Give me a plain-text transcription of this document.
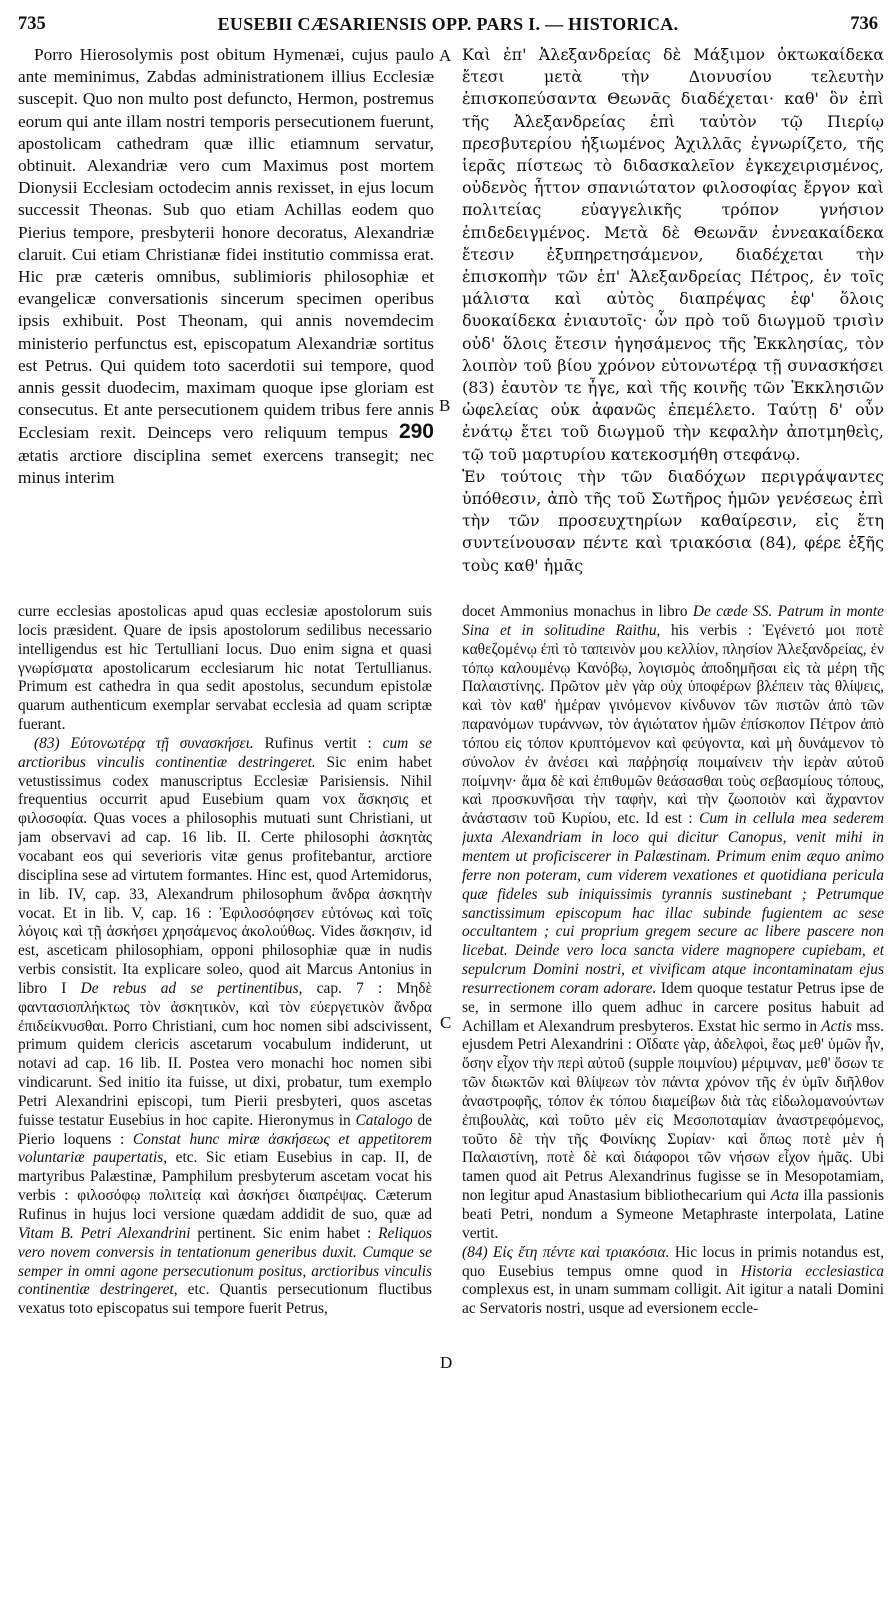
735	EUSEBII CÆSARIENSIS OPP. PARS I. — HISTORICA.	736
A
B
C
D

Porro Hierosolymis post obitum Hymenæi, cujus paulo ante meminimus, Zabdas administrationem illius Ecclesiæ suscepit. Quo non multo post defuncto, Hermon, postremus eorum qui ante illam nostri temporis persecutionem fuerunt, apostolicam cathedram quæ illic etiamnum servatur, obtinuit. Alexandriæ vero cum Maximus post mortem Dionysii Ecclesiam octodecim annis rexisset, in ejus locum successit Theonas. Sub quo etiam Achillas eodem quo Pierius tempore, presbyterii honore decoratus, Alexandriæ claruit. Cui etiam Christianæ fidei institutio commissa erat. Hic præ cæteris omnibus, sublimioris philosophiæ et evangelicæ conversationis sincerum specimen operibus ipsis exhibuit. Post Theonam, qui annis novemdecim ministerio perfunctus est, episcopatum Alexandriæ sortitus est Petrus. Qui quidem toto sacerdotii sui tempore, quod annis gessit duodecim, maximam quoque ipse gloriam est consecutus. Et ante persecutionem quidem tribus fere annis Ecclesiam rexit. Deinceps vero reliquum tempus 290 ætatis arctiore disciplina semet exercens transegit; nec minus interim

Καὶ ἐπ' Ἀλεξανδρείας δὲ Μάξιμον ὀκτωκαίδεκα ἔτεσι μετὰ τὴν Διονυσίου τελευτὴν ἐπισκοπεύσαντα Θεωνᾶς διαδέχεται· καθ' ὃν ἐπὶ τῆς Ἀλεξανδρείας ἐπὶ ταὐτὸν τῷ Πιερίῳ πρεσβυτερίου ἠξιωμένος Ἀχιλλᾶς ἐγνωρίζετο, τῆς ἱερᾶς πίστεως τὸ διδασκαλεῖον ἐγκεχειρισμένος, οὐδενὸς ἧττον σπανιώτατον φιλοσοφίας ἔργον καὶ πολιτείας εὐαγγελικῆς τρόπον γνήσιον ἐπιδεδειγμένος. Μετὰ δὲ Θεωνᾶν ἐννεακαίδεκα ἔτεσιν ἐξυπηρετησάμενον, διαδέχεται τὴν ἐπισκοπὴν τῶν ἐπ' Ἀλεξανδρείας Πέτρος, ἐν τοῖς μάλιστα καὶ αὐτὸς διαπρέψας ἐφ' ὅλοις δυοκαίδεκα ἐνιαυτοῖς· ὧν πρὸ τοῦ διωγμοῦ τρισὶν οὐδ' ὅλοις ἔτεσιν ἡγησάμενος τῆς Ἐκκλησίας, τὸν λοιπὸν τοῦ βίου χρόνον εὐτονωτέρᾳ τῇ συνασκήσει (83) ἑαυτὸν τε ἦγε, καὶ τῆς κοινῆς τῶν Ἐκκλησιῶν ὠφελείας οὐκ ἀφανῶς ἐπεμέλετο. Ταύτῃ δ' οὖν ἐνάτῳ ἔτει τοῦ διωγμοῦ τὴν κεφαλὴν ἀποτμηθεὶς, τῷ τοῦ μαρτυρίου κατεκοσμήθη στεφάνῳ.

Ἐν τούτοις τὴν τῶν διαδόχων περιγράψαντες ὑπόθεσιν, ἀπὸ τῆς τοῦ Σωτῆρος ἡμῶν γενέσεως ἐπὶ τὴν τῶν προσευχτηρίων καθαίρεσιν, εἰς ἔτη συντείνουσαν πέντε καὶ τριακόσια (84), φέρε ἑξῆς τοὺς καθ' ἡμᾶς

curre ecclesias apostolicas apud quas ecclesiæ apostolorum suis locis præsident. Quare de ipsis apostolorum sedilibus necessario intelligendus est hic Tertulliani locus. Duo enim signa et quasi γνωρίσματα apostolicarum ecclesiarum hic notat Tertullianus. Primum est cathedra in qua sedit apostolus, secundum epistolæ quarum authenticum exemplar servabat ecclesia ad quam scriptæ fuerant.

(83) Εὐτονωτέρᾳ τῇ συνασκήσει. Rufinus vertit : cum se arctioribus vinculis continentiæ destringeret. Sic enim habet vetustissimus codex manuscriptus Ecclesiæ Parisiensis. Nihil frequentius occurrit apud Eusebium quam vox ἄσκησις et φιλοσοφία. Quas voces a philosophis mutuati sunt Christiani, ut jam observavi ad cap. 16 lib. II. Certe philosophi ἀσκητὰς vocabant eos qui severioris vitæ genus profitebantur, arctiore disciplina sese ad virtutem formantes. Hinc est, quod Artemidorus, in lib. IV, cap. 33, Alexandrum philosophum ἄνδρα ἀσκητὴν vocat. Et in lib. V, cap. 16 : Ἐφιλοσόφησεν εὐτόνως καὶ τοῖς λόγοις καὶ τῇ ἀσκήσει χρησάμενος ἀκολούθως. Vides ἄσκησιν, id est, asceticam philosophiam, opponi philosophiæ quæ in nudis verbis consistit. Ita explicare soleo, quod ait Marcus Antonius in libro I De rebus ad se pertinentibus, cap. 7 : Μηδὲ φαντασιοπλήκτως τὸν ἀσκητικὸν, καὶ τὸν εὐεργετικὸν ἄνδρα ἐπιδείκνυσθαι. Porro Christiani, cum hoc nomen sibi adscivissent, primum quidem clericis ascetarum vocabulum indiderunt, ut notavi ad cap. 16 lib. II. Postea vero monachi hoc nomen sibi vindicarunt. Sed initio ita fuisse, ut dixi, probatur, tum exemplo Petri Alexandrini episcopi, tum Pierii presbyteri, quos ascetas fuisse testatur Eusebius in hoc capite. Hieronymus in Catalogo de Pierio loquens : Constat hunc miræ ἀσκήσεως et appetitorem voluntariæ paupertatis, etc. Sic etiam Eusebius in cap. II, de martyribus Palæstinæ, Pamphilum presbyterum ascetam vocat his verbis : φιλοσόφῳ πολιτείᾳ καὶ ἀσκήσει διαπρέψας. Cæterum Rufinus in hujus loci versione quædam addidit de suo, quæ ad Vitam B. Petri Alexandrini pertinent. Sic enim habet : Reliquos vero novem conversis in tentationum generibus duxit. Cumque se semper in omni agone persecutionum positus, arctioribus vinculis continentiæ destringeret, etc. Quantis persecutionum fluctibus vexatus toto episcopatus sui tempore fuerit Petrus,

docet Ammonius monachus in libro De cæde SS. Patrum in monte Sina et in solitudine Raithu, his verbis : Ἐγένετό μοι ποτὲ καθεζομένῳ ἐπὶ τὸ ταπεινὸν μου κελλίον, πλησίον Ἀλεξανδρείας, ἐν τόπῳ καλουμένῳ Κανόβῳ, λογισμὸς ἀποδημῆσαι εἰς τὰ μέρη τῆς Παλαιστίνης. Πρῶτον μὲν γὰρ οὐχ ὑποφέρων βλέπειν τὰς θλίψεις, καὶ τὸν καθ' ἡμέραν γινόμενον κίνδυνον τῶν πιστῶν ἀπὸ τῶν παρανόμων τυράννων, τὸν ἁγιώτατον ἡμῶν ἐπίσκοπον Πέτρον ἀπὸ τόπου εἰς τόπον κρυπτόμενον καὶ φεύγοντα, καὶ μὴ δυνάμενον τὸ σύνολον ἐν ἀνέσει καὶ παῤῥησίᾳ ποιμαίνειν τὴν ἱερὰν αὐτοῦ ποίμνην· ἅμα δὲ καὶ ἐπιθυμῶν θεάσασθαι τοὺς σεβασμίους τόπους, καὶ προσκυνῆσαι τὴν ταφὴν, καὶ τὴν ζωοποιὸν καὶ ἄχραντον ἀνάστασιν τοῦ Κυρίου, etc. Id est : Cum in cellula mea sederem juxta Alexandriam in loco qui dicitur Canopus, venit mihi in mentem ut proficiscerer in Palæstinam. Primum enim æquo animo ferre non poteram, cum viderem vexationes et quotidiana pericula quæ fideles sub iniquissimis tyrannis sustinebant ; Petrumque sanctissimum episcopum hac illac subinde fugientem ac sese occultantem ; cui proprium gregem secure ac libere pascere non licebat. Deinde vero loca sancta videre magnopere cupiebam, et sepulcrum Domini nostri, et vivificam atque incontaminatam ejus resurrectionem coram adorare. Idem quoque testatur Petrus ipse de se, in sermone illo quem adhuc in carcere positus habuit ad Achillam et Alexandrum presbyteros. Exstat hic sermo in Actis mss. ejusdem Petri Alexandrini : Οἴδατε γὰρ, ἀδελφοὶ, ἕως μεθ' ὑμῶν ἦν, ὅσην εἶχον τὴν περὶ αὐτοῦ (supple ποιμνίου) μέριμναν, μεθ' ὅσων τε τῶν διωκτῶν καὶ θλίψεων τὸν πάντα χρόνον τῆς ἐν ὑμῖν διῆλθον ἀναστροφῆς, τόπον ἐκ τόπου διαμείβων διὰ τὰς εἰδωλομανούντων ἐπιβουλὰς, καὶ τοῦτο μὲν εἰς Μεσοποταμίαν ἀναστρεφόμενος, τοῦτο δὲ τὴν τῆς Φοινίκης Συρίαν· καὶ ὅπως ποτὲ μὲν ἡ Παλαιστίνη, ποτὲ δὲ καὶ διάφοροι τῶν νήσων εἶχον ἡμᾶς. Ubi tamen quod ait Petrus Alexandrinus fugisse se in Mesopotamiam, non legitur apud Anastasium bibliothecarium qui Acta illa passionis beati Petri, nondum a Symeone Metaphraste interpolata, Latine vertit.

(84) Εἰς ἔτη πέντε καὶ τριακόσια. Hic locus in primis notandus est, quo Eusebius tempus omne quod in Historia ecclesiastica complexus est, in unam summam colligit. Ait igitur a natali Domini ac Servatoris nostri, usque ad eversionem eccle-
